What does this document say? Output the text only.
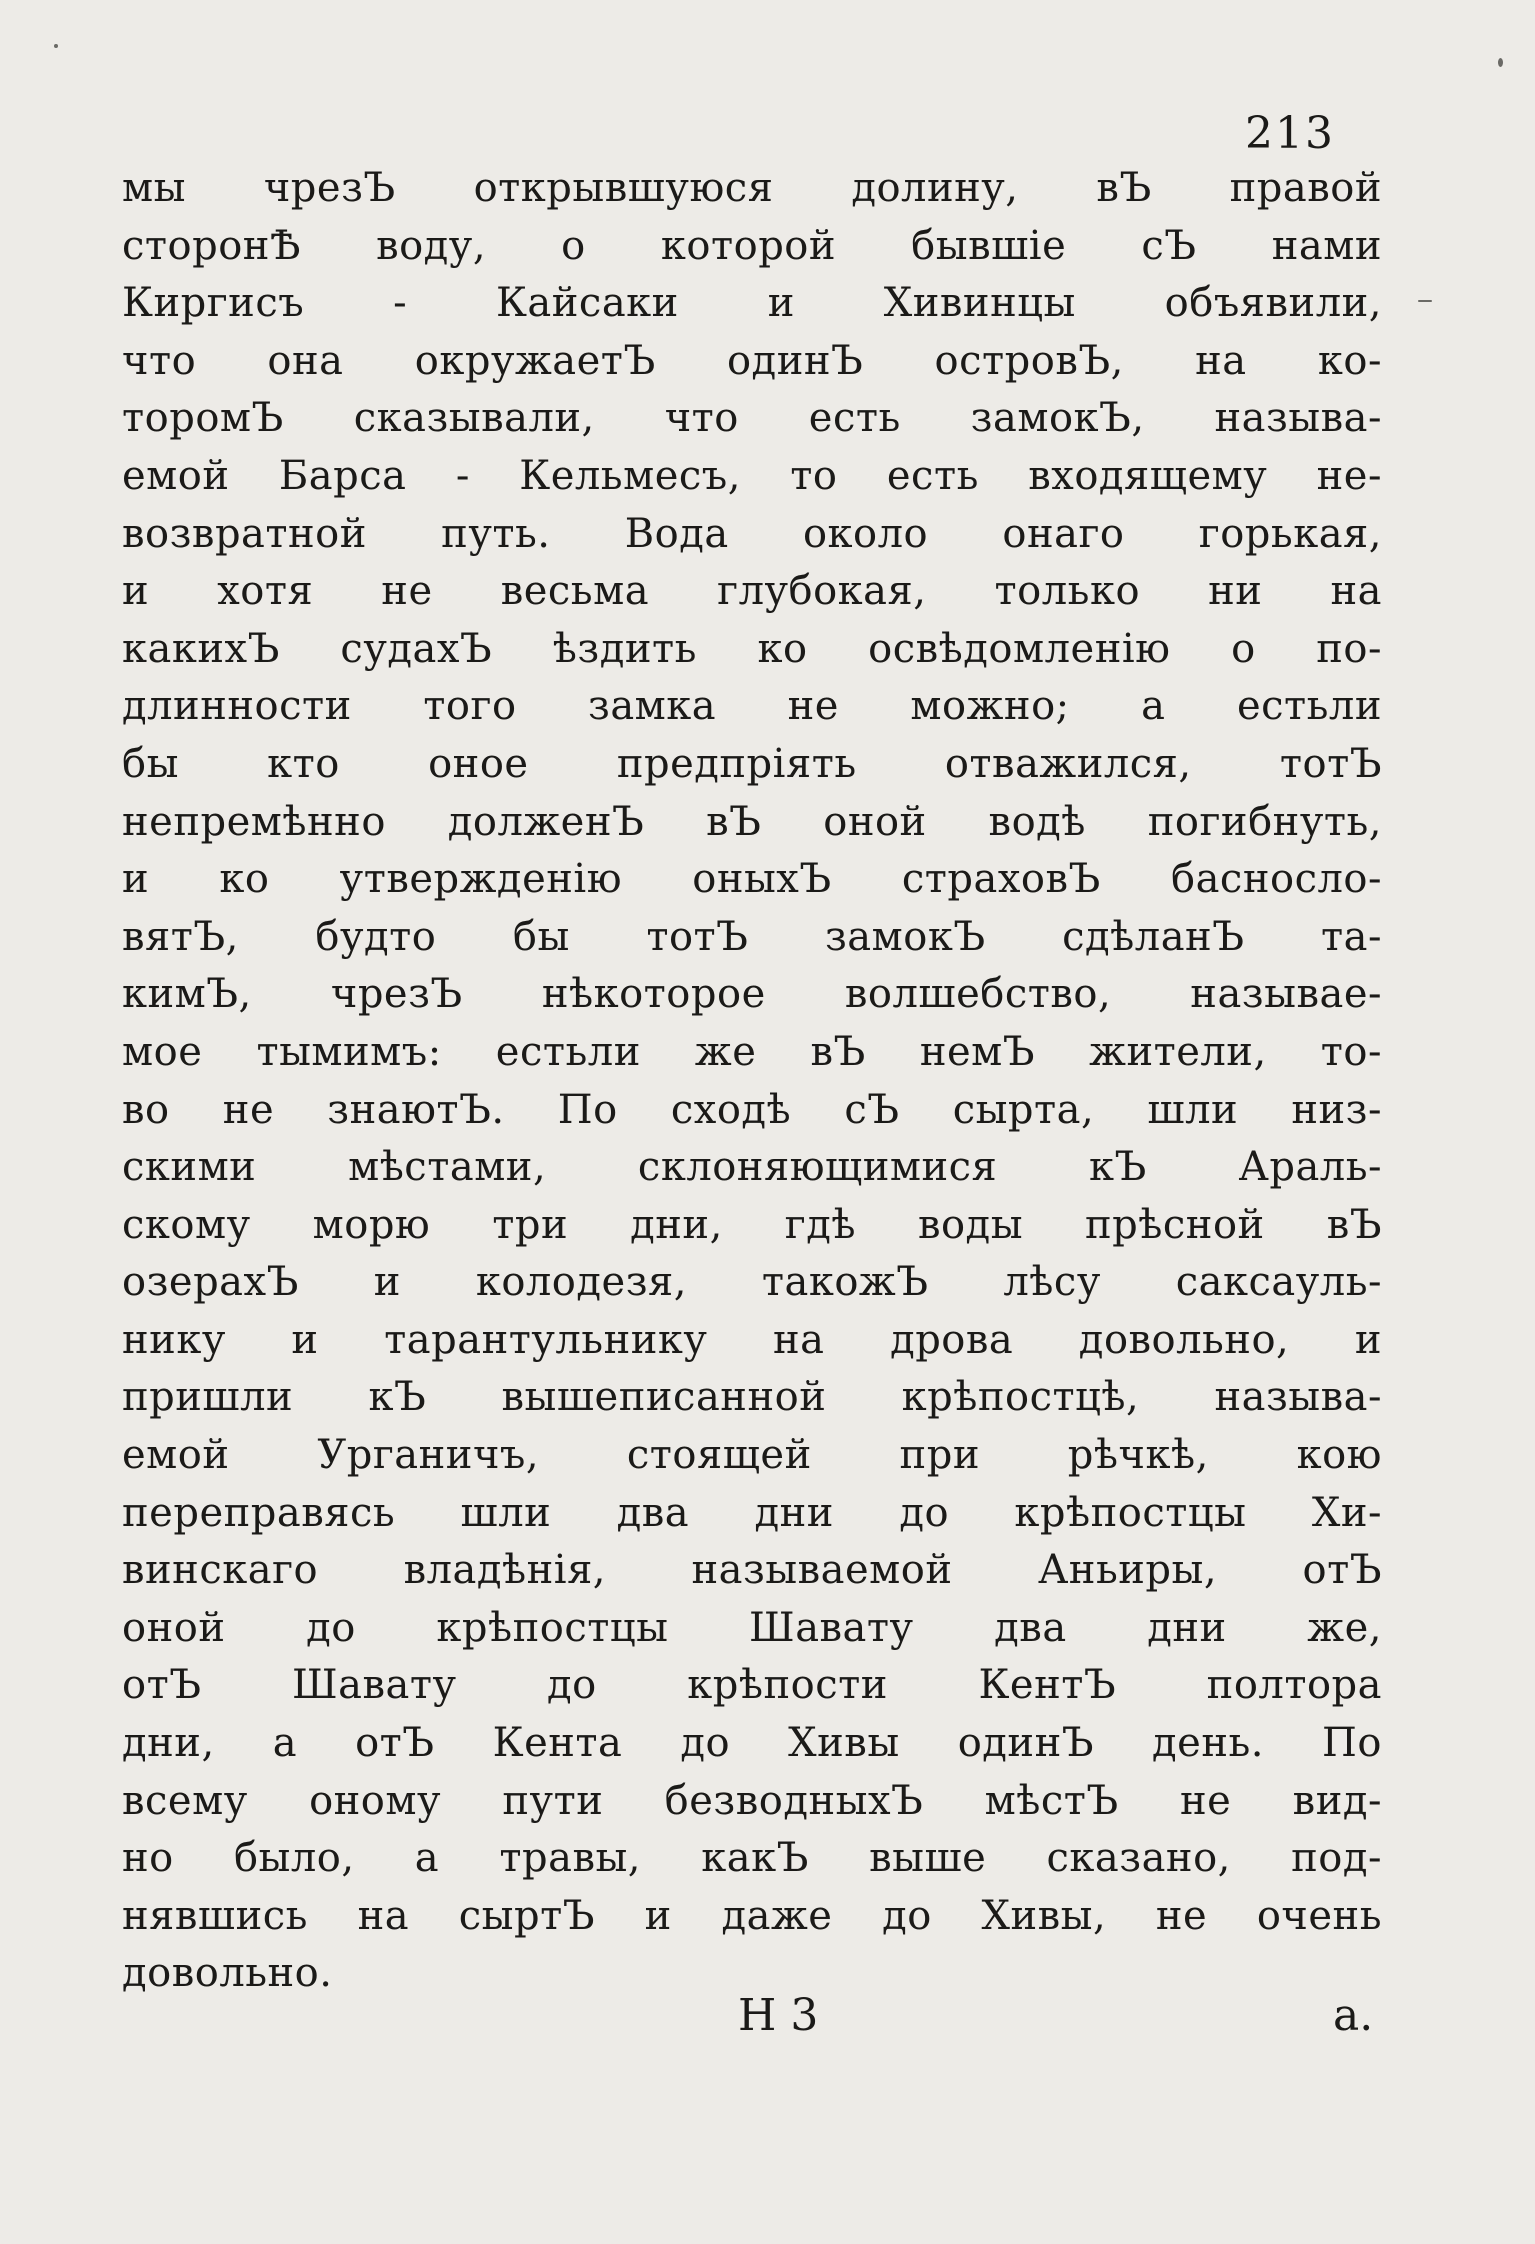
213
мы чрезЪ открывшуюся долину, вЪ правой
сторонѢ воду, о которой бывшіе сЪ нами
Киргисъ - Кайсаки и Хивинцы объявили,
что она окружаетЪ одинЪ островЪ, на ко-
торомЪ сказывали, что есть замокЪ, называ-
емой Барса - Кельмесъ, то есть входящему не-
возвратной путь. Вода около онаго горькая,
и хотя не весьма глубокая, только ни на
какихЪ судахЪ ѣздить ко освѣдомленію о по-
длинности того замка не можно; а естьли
бы кто оное предпріять отважился, тотЪ
непремѣнно долженЪ вЪ оной водѣ погибнуть,
и ко утвержденію оныхЪ страховЪ басносло-
вятЪ, будто бы тотЪ замокЪ сдѣланЪ та-
кимЪ, чрезЪ нѣкоторое волшебство, называе-
мое тымимъ: естьли же вЪ немЪ жители, то-
во не знаютЪ. По сходѣ сЪ сырта, шли низ-
скими мѣстами, склоняющимися кЪ Араль-
скому морю три дни, гдѣ воды прѣсной вЪ
озерахЪ и колодезя, такожЪ лѣсу саксауль-
нику и тарантульнику на дрова довольно, и
пришли кЪ вышеписанной крѣпостцѣ, называ-
емой Урганичъ, стоящей при рѣчкѣ, кою
переправясь шли два дни до крѣпостцы Хи-
винскаго владѣнія, называемой Аньиры, отЪ
оной до крѣпостцы Шавату два дни же,
отЪ Шавату до крѣпости КентЪ полтора
дни, а отЪ Кента до Хивы одинЪ день. По
всему оному пути безводныхЪ мѣстЪ не вид-
но было, а травы, какЪ выше сказано, под-
нявшись на сыртЪ и даже до Хивы, не очень
довольно.
Н 3	а.
